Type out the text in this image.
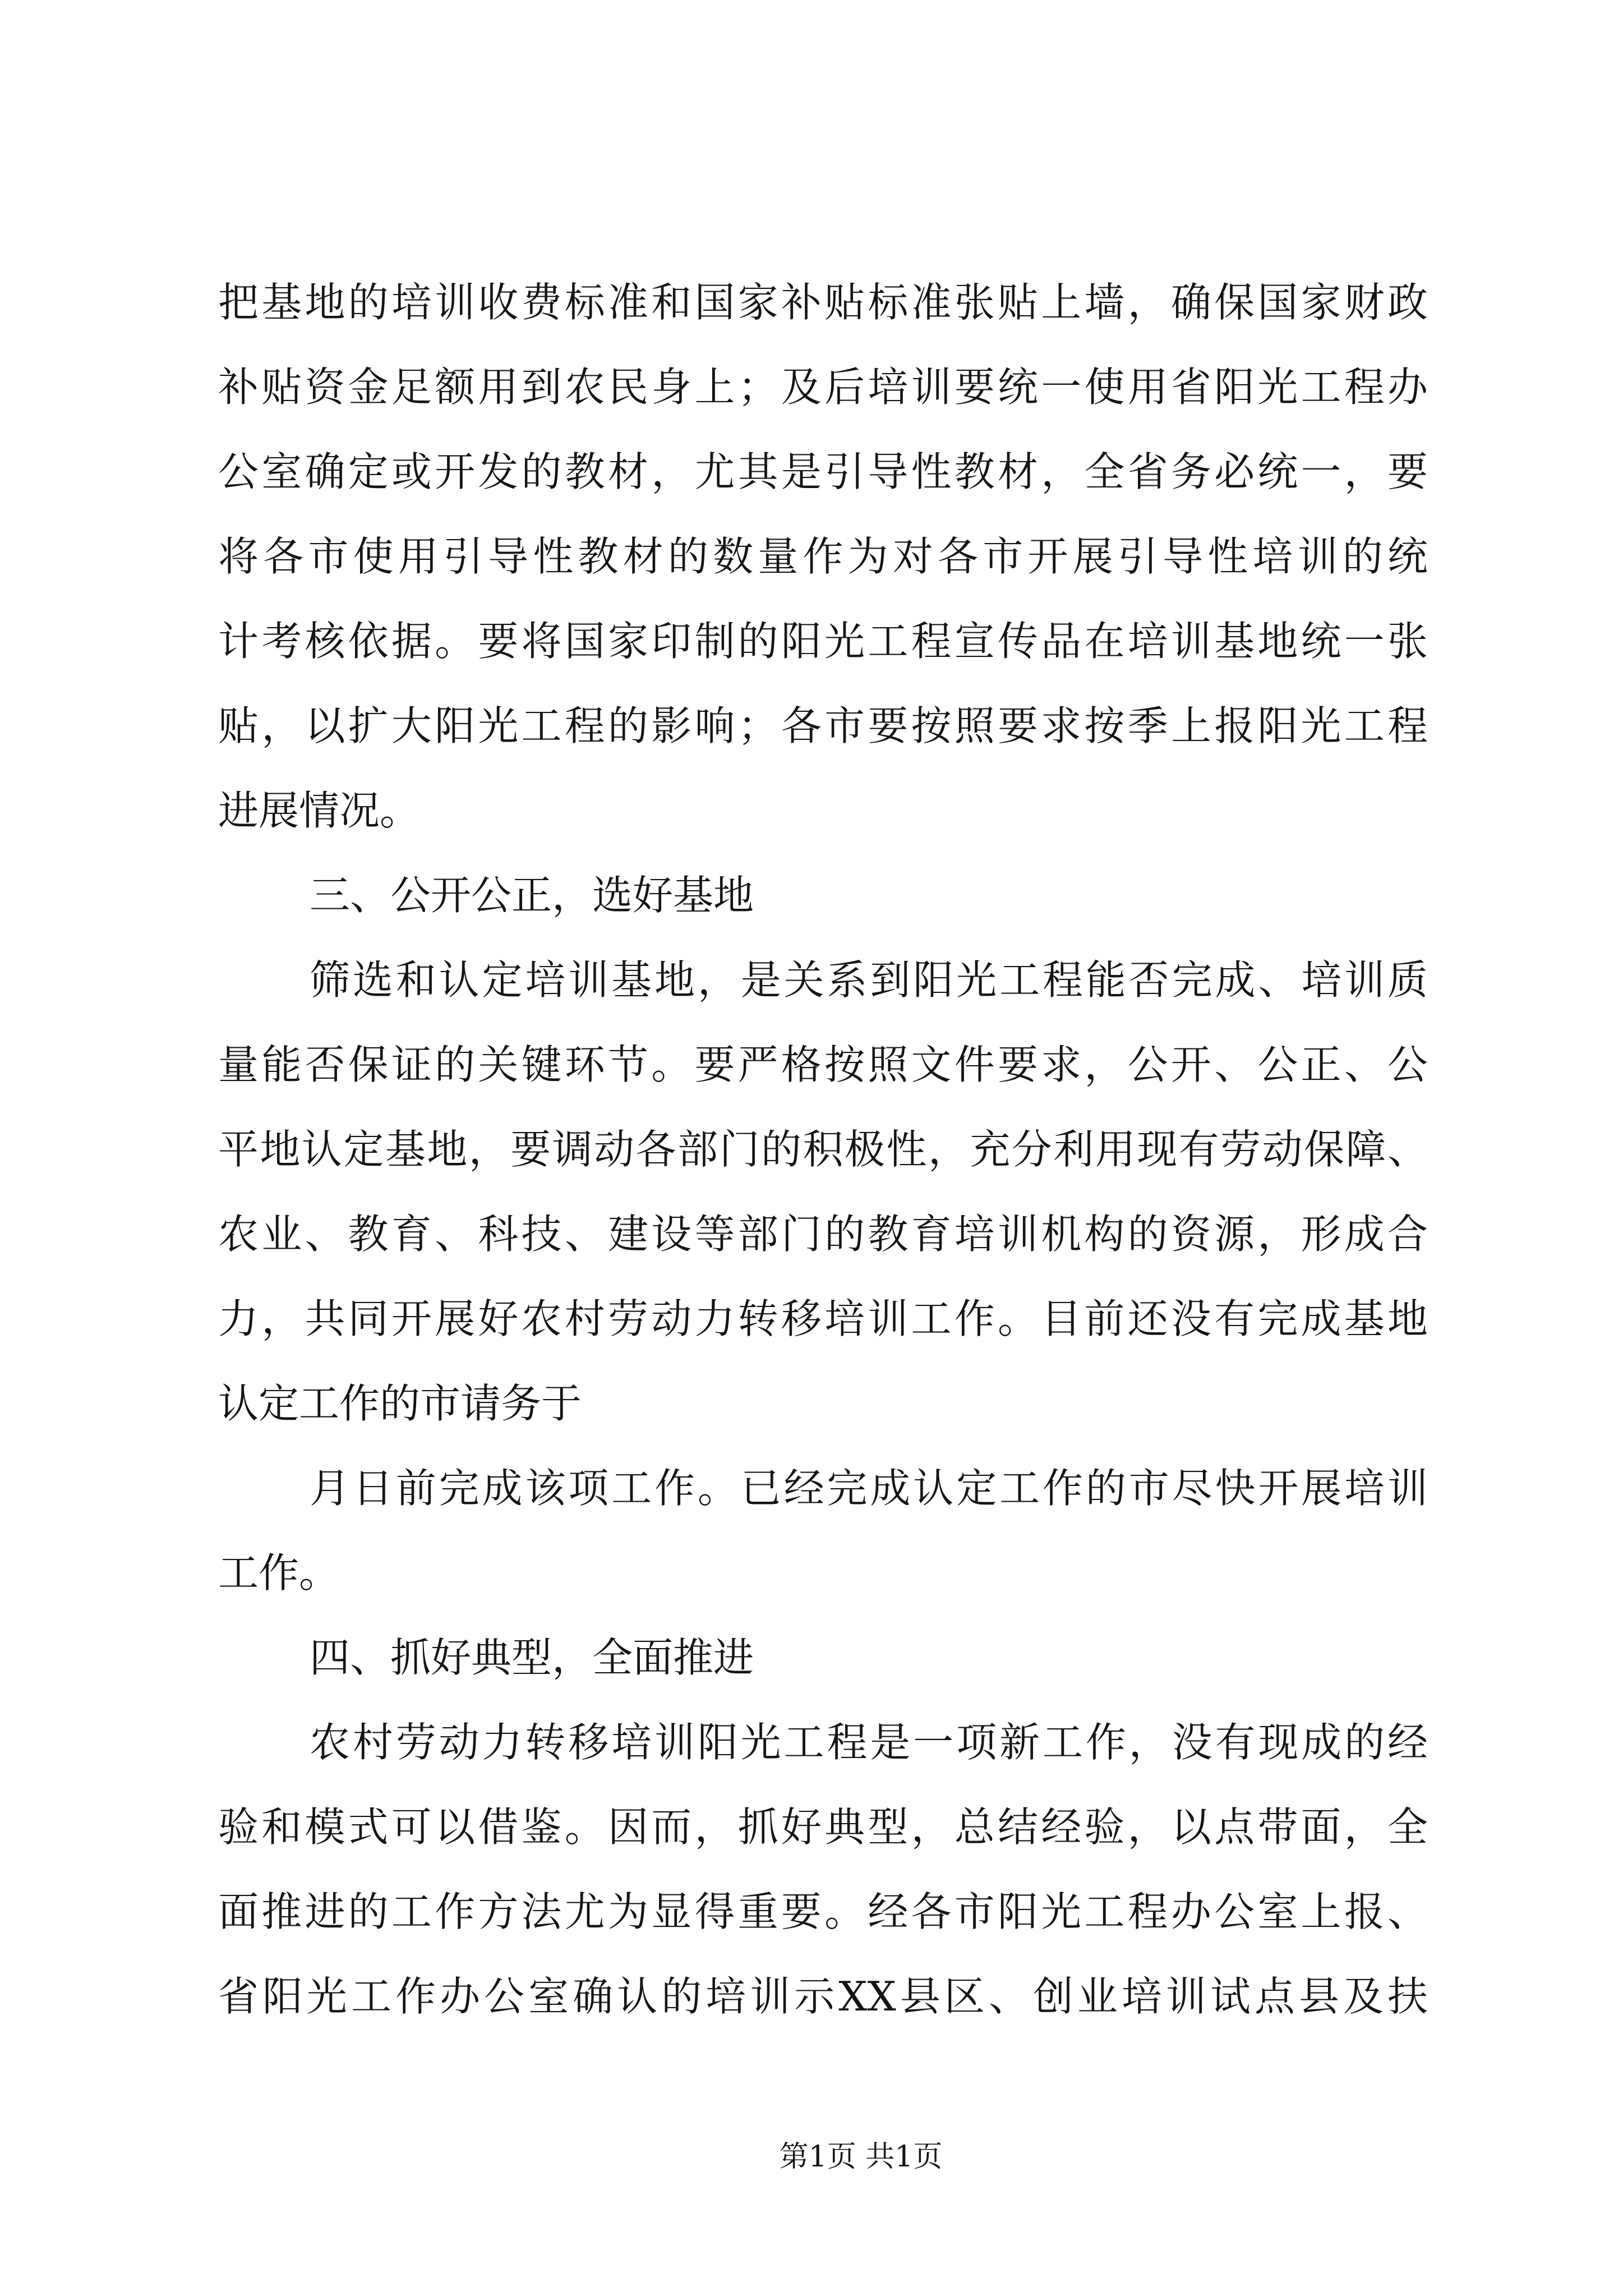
把基地的培训收费标准和国家补贴标准张贴上墙，确保国家财政
补贴资金足额用到农民身上；及后培训要统一使用省阳光工程办
公室确定或开发的教材，尤其是引导性教材，全省务必统一，要
将各市使用引导性教材的数量作为对各市开展引导性培训的统
计考核依据。要将国家印制的阳光工程宣传品在培训基地统一张
贴，以扩大阳光工程的影响；各市要按照要求按季上报阳光工程
进展情况。
三、公开公正，选好基地
筛选和认定培训基地，是关系到阳光工程能否完成、培训质
量能否保证的关键环节。要严格按照文件要求，公开、公正、公
平地认定基地，要调动各部门的积极性，充分利用现有劳动保障、
农业、教育、科技、建设等部门的教育培训机构的资源，形成合
力，共同开展好农村劳动力转移培训工作。目前还没有完成基地
认定工作的市请务于
月日前完成该项工作。已经完成认定工作的市尽快开展培训
工作。
四、抓好典型，全面推进
农村劳动力转移培训阳光工程是一项新工作，没有现成的经
验和模式可以借鉴。因而，抓好典型，总结经验，以点带面，全
面推进的工作方法尤为显得重要。经各市阳光工程办公室上报、
省阳光工作办公室确认的培训示XX县区、创业培训试点县及扶
第1页 共1页
